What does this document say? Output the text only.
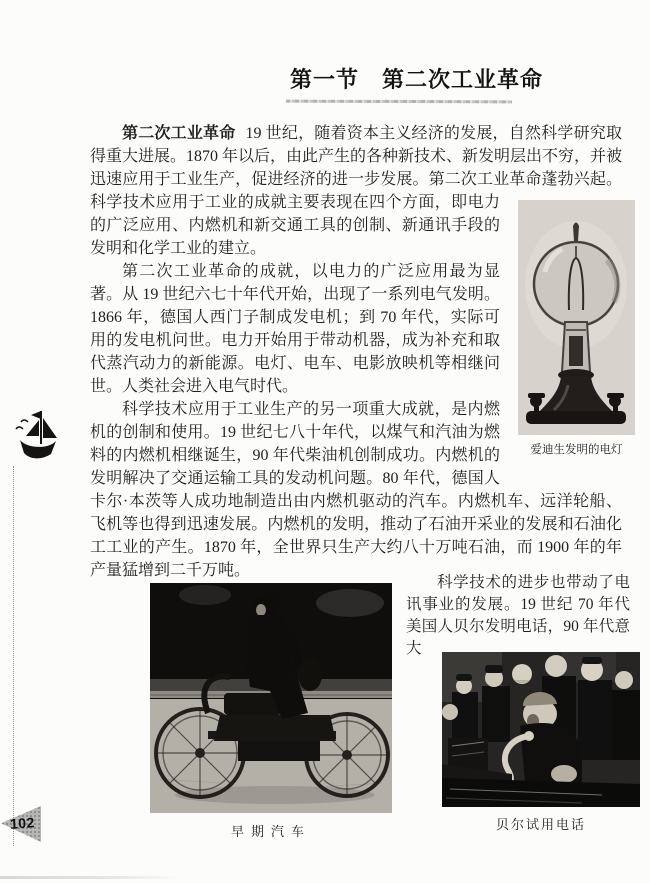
第一节　第二次工业革命

第二次工业革命 19 世纪，随着资本主义经济的发展，自然科学研究取得重大进展。1870 年以后，由此产生的各种新技术、新发明层出不穷，并被迅速应用于工业生产，促进经济的进一步发展。第二次工业革命蓬勃
爱迪生发明的电灯
兴起。科学技术应用于工业的成就主要表现在四个方面，即电力的广泛应用、内燃机和新交通工具的创制、新通讯手段的发明和化学工业的建立。

第二次工业革命的成就，以电力的广泛应用最为显著。从 19 世纪六七十年代开始，出现了一系列电气发明。1866 年，德国人西门子制成发电机；到 70 年代，实际可用的发电机问世。电力开始用于带动机器，成为补充和取代蒸汽动力的新能源。电灯、电车、电影放映机等相继问世。人类社会进入电气时代。

科学技术应用于工业生产的另一项重大成就，是内燃机的创制和使用。19 世纪七八十年代，以煤气和汽油为燃料的内燃机相继诞生，90 年代柴油机创制成功。内燃机的发明解决了交通运输工具的发动机问题。80 年代，德国人卡尔·本茨等人成功地制造出由内燃机驱动的汽车。内燃机车、远洋轮船、飞机等也得到迅速发展。内燃机的发明，推动了石油开采业的发展和石油化工工业的产生。1870 年，全世界只生产大约八十万吨石油，而 1900 年的年产量猛增到二千万吨。

早期汽车

科学技术的进步也带动了电讯事业的发展。19 世纪 70 年代美国人贝尔发明电话，90 年代意大

贝尔试用电话
102
